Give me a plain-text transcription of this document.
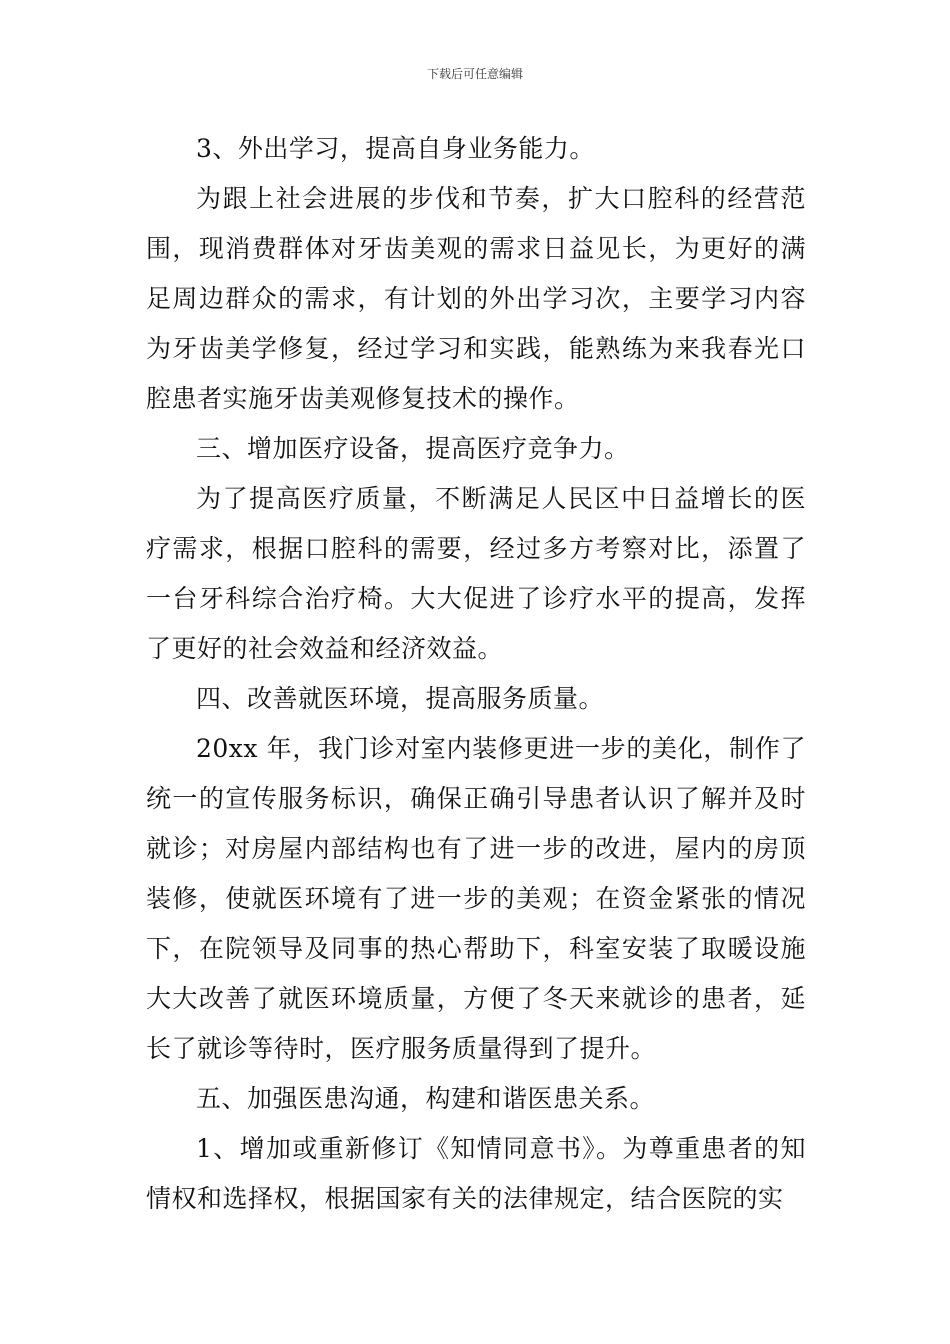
下载后可任意编辑

3、外出学习，提高自身业务能力。

为跟上社会进展的步伐和节奏，扩大口腔科的经营范围，现消费群体对牙齿美观的需求日益见长，为更好的满足周边群众的需求，有计划的外出学习次，主要学习内容为牙齿美学修复，经过学习和实践，能熟练为来我春光口腔患者实施牙齿美观修复技术的操作。

三、增加医疗设备，提高医疗竞争力。

为了提高医疗质量，不断满足人民区中日益增长的医疗需求，根据口腔科的需要，经过多方考察对比，添置了一台牙科综合治疗椅。大大促进了诊疗水平的提高，发挥了更好的社会效益和经济效益。

四、改善就医环境，提高服务质量。

20xx 年，我门诊对室内装修更进一步的美化，制作了统一的宣传服务标识，确保正确引导患者认识了解并及时就诊；对房屋内部结构也有了进一步的改进，屋内的房顶装修，使就医环境有了进一步的美观；在资金紧张的情况下，在院领导及同事的热心帮助下，科室安装了取暖设施大大改善了就医环境质量，方便了冬天来就诊的患者，延长了就诊等待时，医疗服务质量得到了提升。

五、加强医患沟通，构建和谐医患关系。

1、增加或重新修订《知情同意书》。为尊重患者的知情权和选择权，根据国家有关的法律规定，结合医院的实
